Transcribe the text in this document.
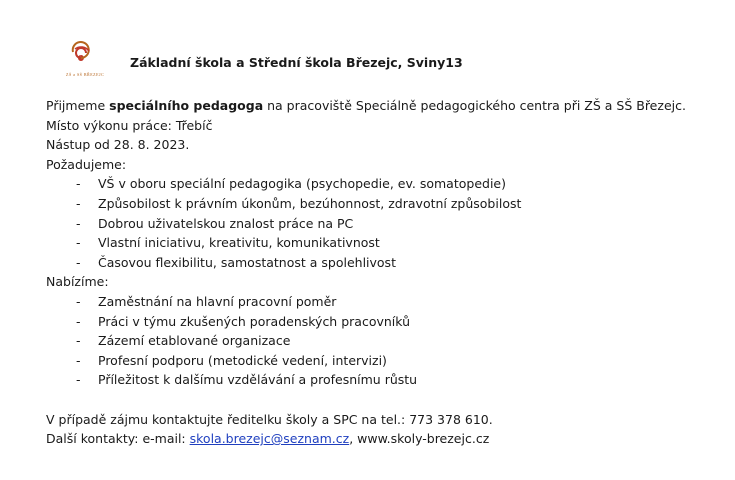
ZŠ a SŠ BŘEZEJC
Základní škola a Střední škola Březejc, Sviny13
Přijmeme speciálního pedagoga na pracoviště Speciálně pedagogického centra při ZŠ a SŠ Březejc.
Místo výkonu práce: Třebíč
Nástup od 28. 8. 2023.
Požadujeme:
- VŠ v oboru speciální pedagogika (psychopedie, ev. somatopedie)
- Způsobilost k právním úkonům, bezúhonnost, zdravotní způsobilost
- Dobrou uživatelskou znalost práce na PC
- Vlastní iniciativu, kreativitu, komunikativnost
- Časovou flexibilitu, samostatnost a spolehlivost
Nabízíme:
- Zaměstnání na hlavní pracovní poměr
- Práci v týmu zkušených poradenských pracovníků
- Zázemí etablované organizace
- Profesní podporu (metodické vedení, intervizi)
- Příležitost k dalšímu vzdělávání a profesnímu růstu
V případě zájmu kontaktujte ředitelku školy a SPC na tel.: 773 378 610.
Další kontakty: e-mail: skola.brezejc@seznam.cz, www.skoly-brezejc.cz
